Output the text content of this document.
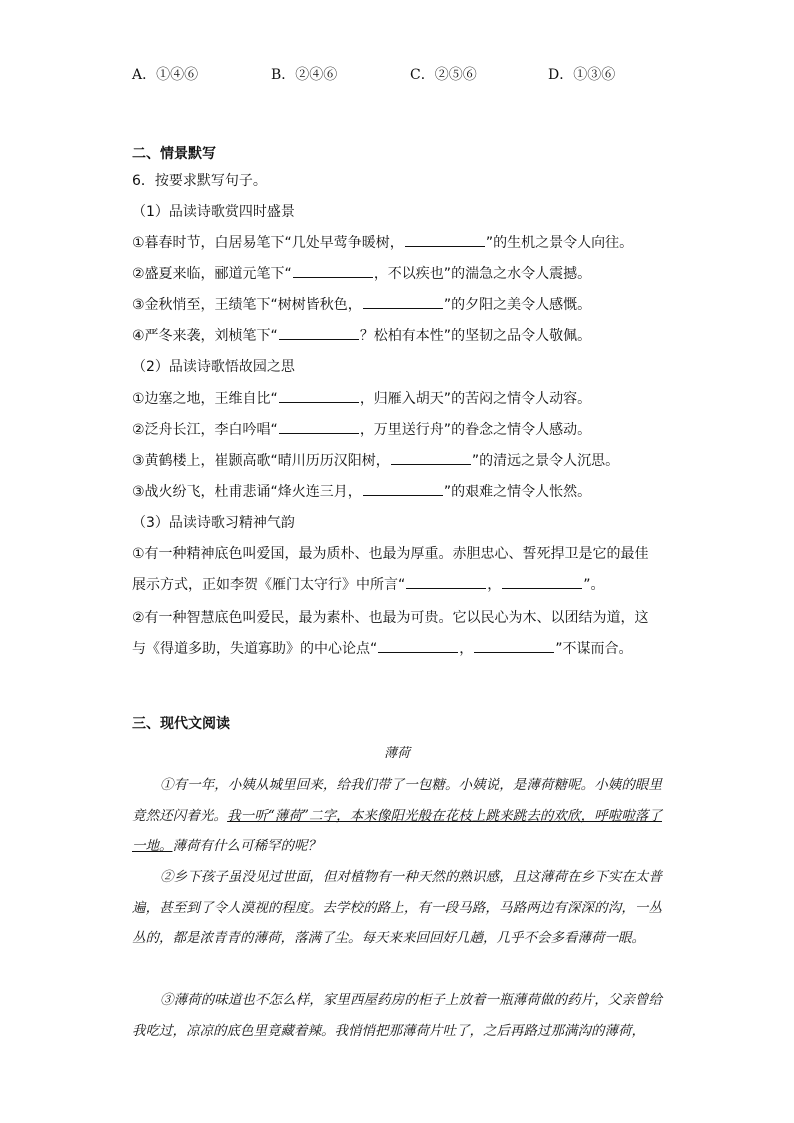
A．①④⑥	B．②④⑥	C．②⑤⑥	D．①③⑥
二、情景默写
6．按要求默写句子。
（1）品读诗歌赏四时盛景
①暮春时节，白居易笔下“几处早莺争暖树，	”的生机之景令人向往。
②盛夏来临，郦道元笔下“	，不以疾也”的湍急之水令人震撼。
③金秋悄至，王绩笔下“树树皆秋色，	”的夕阳之美令人感慨。
④严冬来袭，刘桢笔下“	？松柏有本性”的坚韧之品令人敬佩。
（2）品读诗歌悟故园之思
①边塞之地，王维自比“	，归雁入胡天”的苦闷之情令人动容。
②泛舟长江，李白吟唱“	，万里送行舟”的眷念之情令人感动。
③黄鹤楼上，崔颢高歌“晴川历历汉阳树，	”的清远之景令人沉思。
③战火纷飞，杜甫悲诵“烽火连三月，	”的艰难之情令人怅然。
（3）品读诗歌习精神气韵
①有一种精神底色叫爱国，最为质朴、也最为厚重。赤胆忠心、誓死捍卫是它的最佳
展示方式，正如李贺《雁门太守行》中所言“	，	”。
②有一种智慧底色叫爱民，最为素朴、也最为可贵。它以民心为木、以团结为道，这
与《得道多助，失道寡助》的中心论点“	，	”不谋而合。
三、现代文阅读
薄荷
①有一年，小姨从城里回来，给我们带了一包糖。小姨说，是薄荷糖呢。小姨的眼里竟然还闪着光。我一听“薄荷”二字，本来像阳光般在花枝上跳来跳去的欢欣，呼啦啦落了一地。薄荷有什么可稀罕的呢？
②乡下孩子虽没见过世面，但对植物有一种天然的熟识感，且这薄荷在乡下实在太普遍，甚至到了令人漠视的程度。去学校的路上，有一段马路，马路两边有深深的沟，一丛丛的，都是浓青青的薄荷，落满了尘。每天来来回回好几趟，几乎不会多看薄荷一眼。
③薄荷的味道也不怎么样，家里西屋药房的柜子上放着一瓶薄荷做的药片，父亲曾给我吃过，凉凉的底色里竟藏着辣。我悄悄把那薄荷片吐了，之后再路过那满沟的薄荷，
